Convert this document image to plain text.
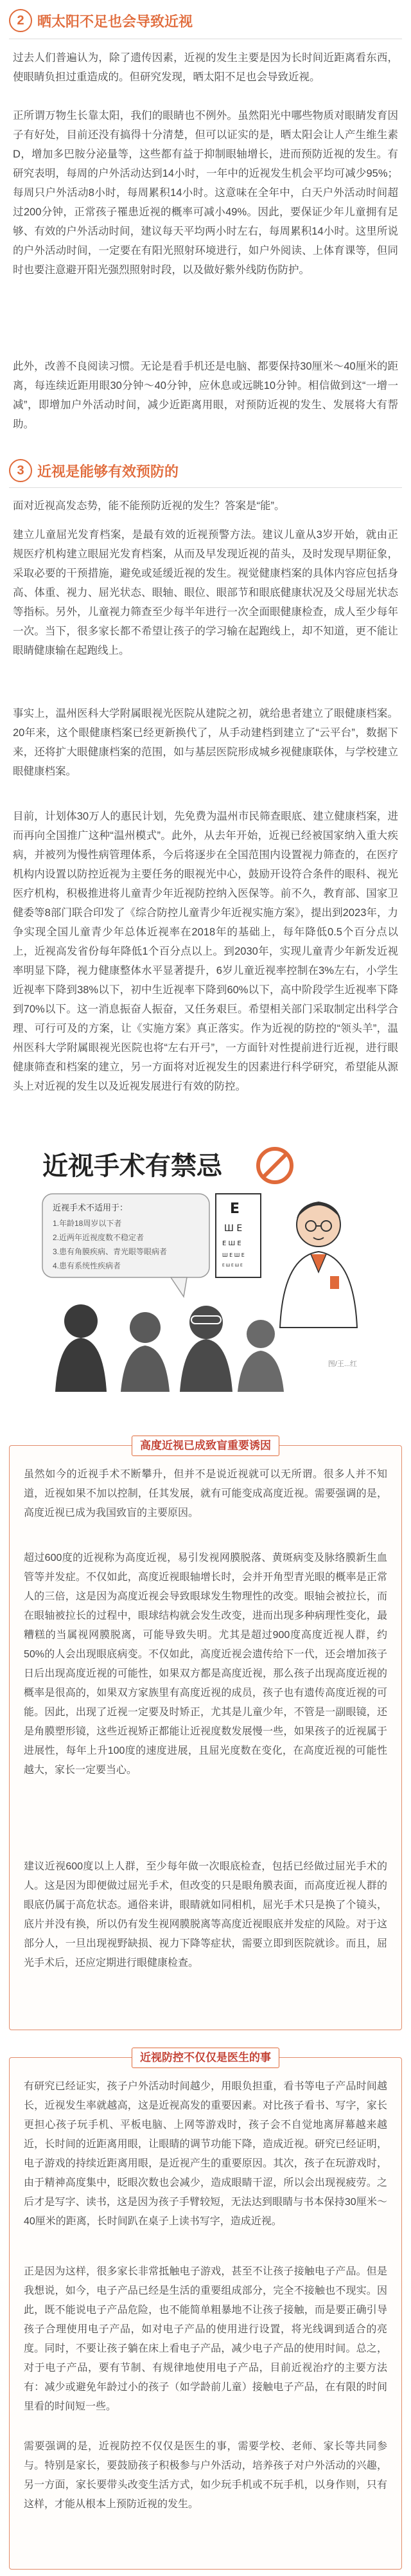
2 晒太阳不足也会导致近视

过去人们普遍认为，除了遗传因素，近视的发生主要是因为长时间近距离看东西，使眼睛负担过重造成的。但研究发现，晒太阳不足也会导致近视。

正所谓万物生长靠太阳，我们的眼睛也不例外。虽然阳光中哪些物质对眼睛发育因子有好处，目前还没有搞得十分清楚，但可以证实的是，晒太阳会让人产生维生素D，增加多巴胺分泌量等，这些都有益于抑制眼轴增长，进而预防近视的发生。有研究表明，每周的户外活动达到14小时，一年中的近视发生机会平均可减少95%；每周只户外活动8小时，每周累积14小时。这意味在全年中，白天户外活动时间超过200分钟，正常孩子罹患近视的概率可减小49%。因此，要保证少年儿童拥有足够、有效的户外活动时间，建议每天平均两小时左右，每周累积14小时。这里所说的户外活动时间，一定要在有阳光照射环境进行，如户外阅读、上体育课等，但同时也要注意避开阳光强烈照射时段，以及做好紫外线防伤防护。

此外，改善不良阅读习惯。无论是看手机还是电脑、都要保持30厘米～40厘米的距离，每连续近距用眼30分钟～40分钟，应休息或远眺10分钟。相信做到这“一增一减”，即增加户外活动时间，减少近距离用眼，对预防近视的发生、发展将大有帮助。

3 近视是能够有效预防的

面对近视高发态势，能不能预防近视的发生？答案是“能”。

建立儿童屈光发育档案，是最有效的近视预警方法。建议儿童从3岁开始，就由正规医疗机构建立眼屈光发育档案，从而及早发现近视的苗头，及时发现早期征象，采取必要的干预措施，避免或延缓近视的发生。视觉健康档案的具体内容应包括身高、体重、视力、屈光状态、眼轴、眼位、眼部节和眼底健康状况及父母屈光状态等指标。另外，儿童视力筛查至少每半年进行一次全面眼健康检查，成人至少每年一次。当下，很多家长都不希望让孩子的学习输在起跑线上，却不知道，更不能让眼睛健康输在起跑线上。

事实上，温州医科大学附属眼视光医院从建院之初，就给患者建立了眼健康档案。20年来，这个眼健康档案已经更新换代了，从手动建档到建立了“云平台”，数据下来，还将扩大眼健康档案的范围，如与基层医院形成城乡视健康联体，与学校建立眼健康档案。

目前，计划体30万人的惠民计划，先免费为温州市民筛查眼底、建立健康档案，进而再向全国推广这种“温州模式”。此外，从去年开始，近视已经被国家纳入重大疾病，并被列为慢性病管理体系，今后将逐步在全国范围内设置视力筛查的，在医疗机构内设置以防控近视为主要任务的眼视光中心，鼓励开设符合条件的眼科、视光医疗机构，积极推进将儿童青少年近视防控纳入医保等。前不久，教育部、国家卫健委等8部门联合印发了《综合防控儿童青少年近视实施方案》，提出到2023年，力争实现全国儿童青少年总体近视率在2018年的基础上，每年降低0.5个百分点以上，近视高发省份每年降低1个百分点以上。到2030年，实现儿童青少年新发近视率明显下降，视力健康整体水平显著提升，6岁儿童近视率控制在3%左右，小学生近视率下降到38%以下，初中生近视率下降到60%以下，高中阶段学生近视率下降到70%以下。这一消息振奋人振奋，又任务艰巨。希望相关部门采取制定出科学合理、可行可及的方案，让《实施方案》真正落实。作为近视的防控的“领头羊”，温州医科大学附属眼视光医院也将“左右开弓”，一方面针对性提前进行近视，进行眼健康筛查和档案的建立，另一方面将对近视发生的因素进行科学研究，希望能从源头上对近视的发生以及近视发展进行有效的防控。

近视手术有禁忌
近视手术不适用于：
1.年龄18周岁以下者
2.近两年近视度数不稳定者
3.患有角膜疾病、青光眼等眼病者
4.患有系统性疾病者
E
Ш E
E Ш E
Ш E Ш E
E Ш E Ш E
图/王...红
高度近视已成致盲重要诱因

虽然如今的近视手术不断攀升，但并不是说近视就可以无所谓。很多人并不知道，近视如果不加以控制，任其发展，就有可能变成高度近视。需要强调的是，高度近视已成为我国致盲的主要原因。

超过600度的近视称为高度近视，易引发视网膜脱落、黄斑病变及脉络膜新生血管等并发症。不仅如此，高度近视眼轴增长时，会并开角型青光眼的概率是正常人的三倍，这是因为高度近视会导致眼球发生物理性的改变。眼轴会被拉长，而在眼轴被拉长的过程中，眼球结构就会发生改变，进而出现多种病理性变化，最糟糕的当属视网膜脱离，可能导致失明。尤其是超过900度高度近视人群，约50%的人会出现眼底病变。不仅如此，高度近视会遗传给下一代，还会增加孩子日后出现高度近视的可能性，如果双方都是高度近视，那么孩子出现高度近视的概率是很高的，如果双方家族里有高度近视的成员，孩子也有遗传高度近视的可能。因此，出现了近视一定要及时矫正，尤其是儿童少年，不管是一副眼镜，还是角膜塑形镜，这些近视矫正都能让近视度数发展慢一些，如果孩子的近视属于进展性，每年上升100度的速度进展，且屈光度数在变化，在高度近视的可能性越大，家长一定要当心。

建议近视600度以上人群，至少每年做一次眼底检查，包括已经做过屈光手术的人。这是因为即便做过屈光手术，但改变的只是眼角膜表面，而高度近视人群的眼底仍属于高危状态。通俗来讲，眼睛就如同相机，屈光手术只是换了个镜头，底片并没有换，所以仍有发生视网膜脱离等高度近视眼底并发症的风险。对于这部分人，一旦出现视野缺损、视力下降等症状，需要立即到医院就诊。而且，屈光手术后，还应定期进行眼健康检查。

近视防控不仅仅是医生的事

有研究已经证实，孩子户外活动时间越少，用眼负担重，看书等电子产品时间越长，近视发生率就越高，这是近视高发的重要因素。对比孩子看书、写字，家长更担心孩子玩手机、平板电脑、上网等游戏时，孩子会不自觉地离屏幕越来越近，长时间的近距离用眼，让眼睛的调节功能下降，造成近视。研究已经证明，电子游戏的持续近距离用眼，是近视产生的重要原因。其次，孩子在玩游戏时，由于精神高度集中，眨眼次数也会减少，造成眼睛干涩，所以会出现视疲劳。之后才是写字、读书，这是因为孩子手臂较短，无法达到眼睛与书本保持30厘米～40厘米的距离，长时间趴在桌子上读书写字，造成近视。

正是因为这样，很多家长非常抵触电子游戏，甚至不让孩子接触电子产品。但是我想说，如今，电子产品已经是生活的重要组成部分，完全不接触也不现实。因此，既不能说电子产品危险，也不能简单粗暴地不让孩子接触，而是要正确引导孩子合理使用电子产品，如对电子产品的使用进行设置，将光线调到适合的亮度。同时，不要让孩子躺在床上看电子产品，减少电子产品的使用时间。总之，对于电子产品，要有节制、有规律地使用电子产品，目前近视治疗的主要方法有：减少或避免年龄过小的孩子（如学龄前儿童）接触电子产品，在有限的时间里看的时间短一些。

需要强调的是，近视防控不仅仅是医生的事，需要学校、老师、家长等共同参与。特别是家长，要鼓励孩子积极参与户外活动，培养孩子对户外活动的兴趣，另一方面，家长要带头改变生活方式，如少玩手机或不玩手机，以身作则，只有这样，才能从根本上预防近视的发生。
